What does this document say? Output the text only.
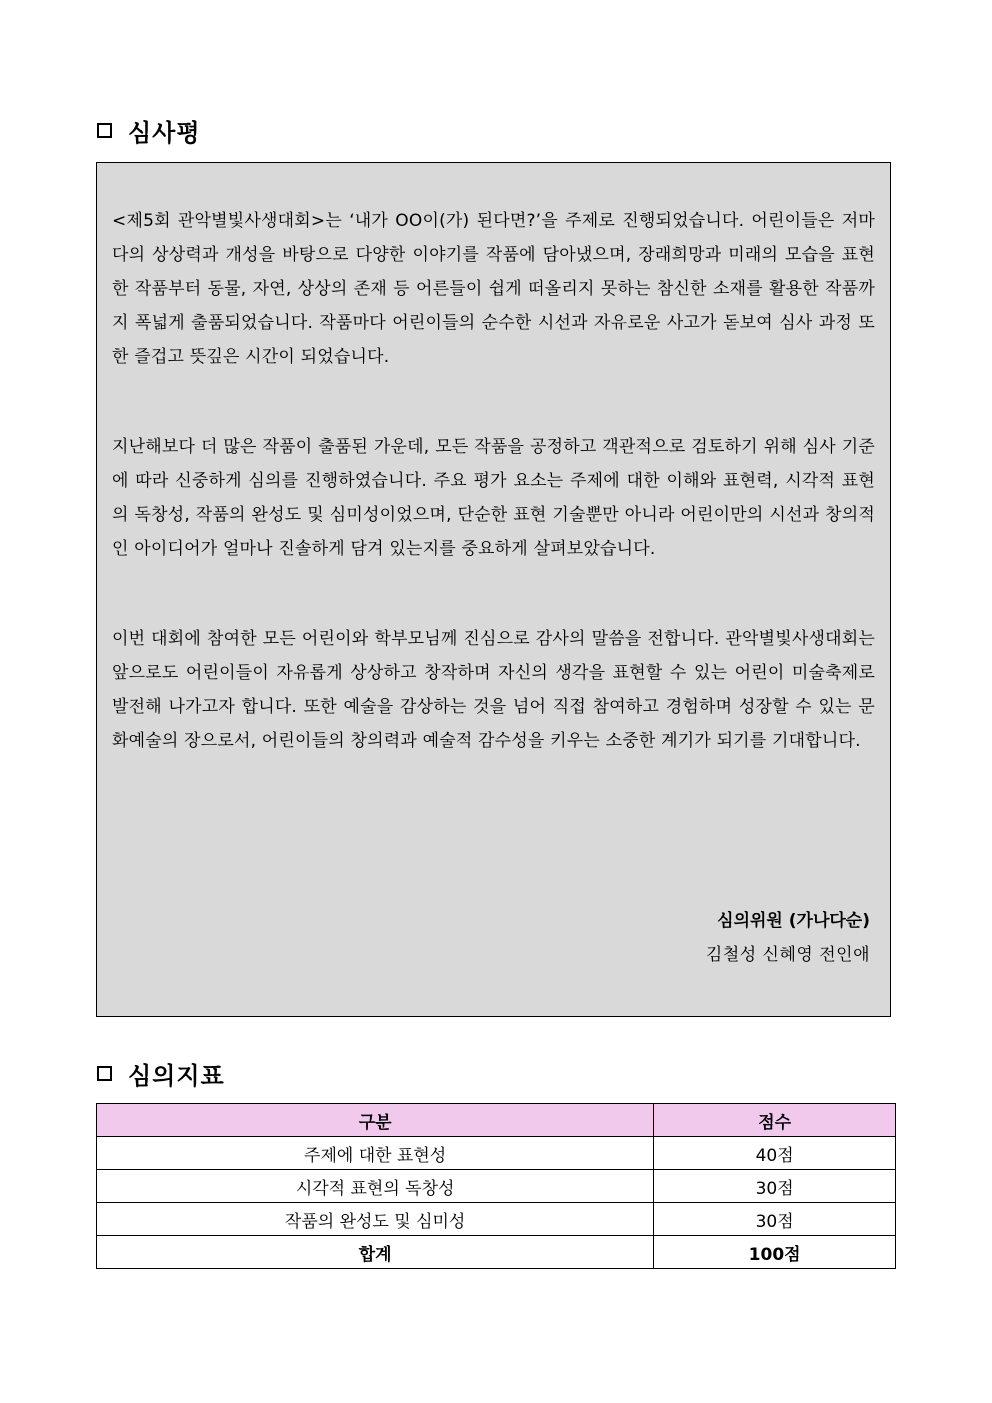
심사평

<제5회 관악별빛사생대회>는 ‘내가 OO이(가) 된다면?’을 주제로 진행되었습니다. 어린이들은 저마다의 상상력과 개성을 바탕으로 다양한 이야기를 작품에 담아냈으며, 장래희망과 미래의 모습을 표현한 작품부터 동물, 자연, 상상의 존재 등 어른들이 쉽게 떠올리지 못하는 참신한 소재를 활용한 작품까지 폭넓게 출품되었습니다. 작품마다 어린이들의 순수한 시선과 자유로운 사고가 돋보여 심사 과정 또한 즐겁고 뜻깊은 시간이 되었습니다.

지난해보다 더 많은 작품이 출품된 가운데, 모든 작품을 공정하고 객관적으로 검토하기 위해 심사 기준에 따라 신중하게 심의를 진행하였습니다. 주요 평가 요소는 주제에 대한 이해와 표현력, 시각적 표현의 독창성, 작품의 완성도 및 심미성이었으며, 단순한 표현 기술뿐만 아니라 어린이만의 시선과 창의적인 아이디어가 얼마나 진솔하게 담겨 있는지를 중요하게 살펴보았습니다.

이번 대회에 참여한 모든 어린이와 학부모님께 진심으로 감사의 말씀을 전합니다. 관악별빛사생대회는 앞으로도 어린이들이 자유롭게 상상하고 창작하며 자신의 생각을 표현할 수 있는 어린이 미술축제로 발전해 나가고자 합니다. 또한 예술을 감상하는 것을 넘어 직접 참여하고 경험하며 성장할 수 있는 문화예술의 장으로서, 어린이들의 창의력과 예술적 감수성을 키우는 소중한 계기가 되기를 기대합니다.

심의위원 (가나다순)
김철성 신혜영 전인애
심의지표
구분	점수
주제에 대한 표현성	40점
시각적 표현의 독창성	30점
작품의 완성도 및 심미성	30점
합계	100점
